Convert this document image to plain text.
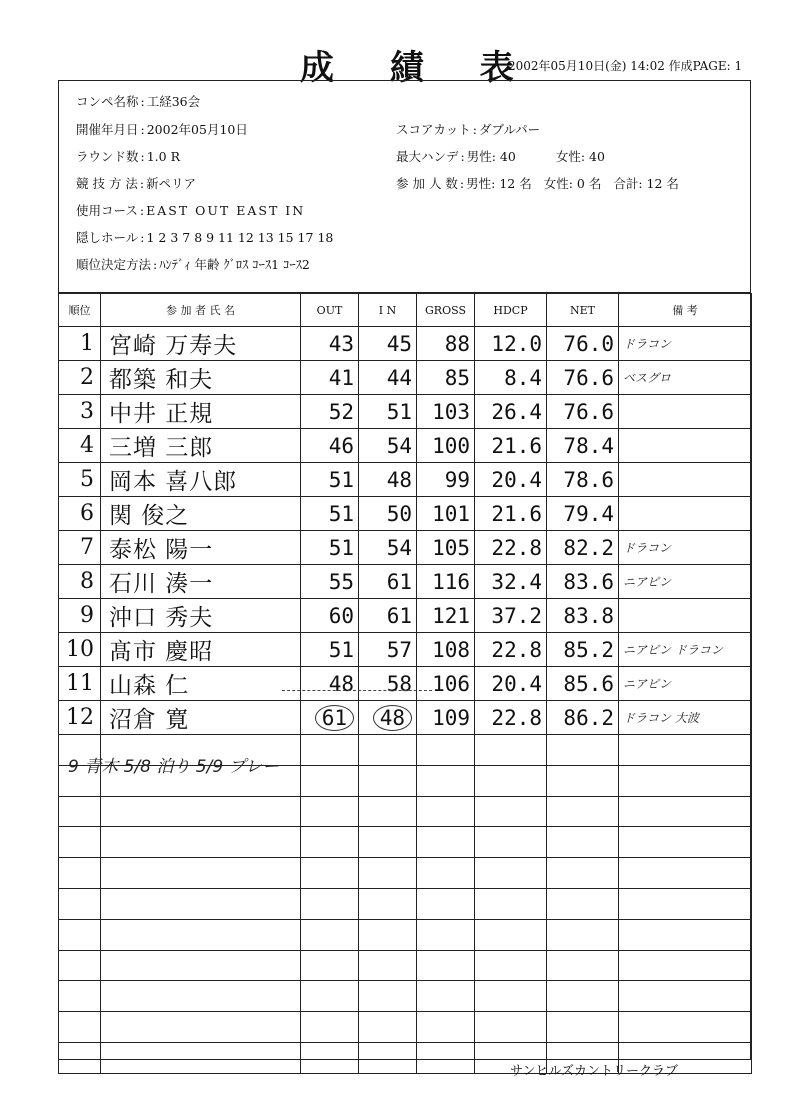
成 績 表
2002年05月10日(金) 14:02 作成PAGE: 1
コンペ名称 : 工経36会
開催年月日 : 2002年05月10日	スコアカット : ダブルパー
ラウンド数 : 1.0 R	最大ハンデ : 男性: 40	女性: 40
競 技 方 法 : 新ペリア	参 加 人 数 : 男性: 12 名 女性: 0 名 合計: 12 名
使用コース : EAST OUT EAST IN
隠しホール : 1 2 3 7 8 9 11 12 13 15 17 18
順位決定方法 : ﾊﾝﾃﾞｨ 年齢 ｸﾞﾛｽ ｺｰｽ1 ｺｰｽ2
順位	参 加 者 氏 名	OUT	I N	GROSS	HDCP	NET	備 考
1	宮崎 万寿夫	43	45	88	12.0	76.0	ドラコン
2	都築 和夫	41	44	85	8.4	76.6	ベスグロ
3	中井 正規	52	51	103	26.4	76.6	
4	三増 三郎	46	54	100	21.6	78.4	
5	岡本 喜八郎	51	48	99	20.4	78.6	
6	関 俊之	51	50	101	21.6	79.4	
7	泰松 陽一	51	54	105	22.8	82.2	ドラコン
8	石川 湊一	55	61	116	32.4	83.6	ニアピン
9	沖口 秀夫	60	61	121	37.2	83.8	
10	髙市 慶昭	51	57	108	22.8	85.2	ニアピン ドラコン
11	山森 仁	48	58	106	20.4	85.6	ニアピン
12	沼倉 寛	61	48	109	22.8	86.2	ドラコン 大波

9 青木 5/8 泊り 5/9 プレー
サンヒルズカントリークラブ
